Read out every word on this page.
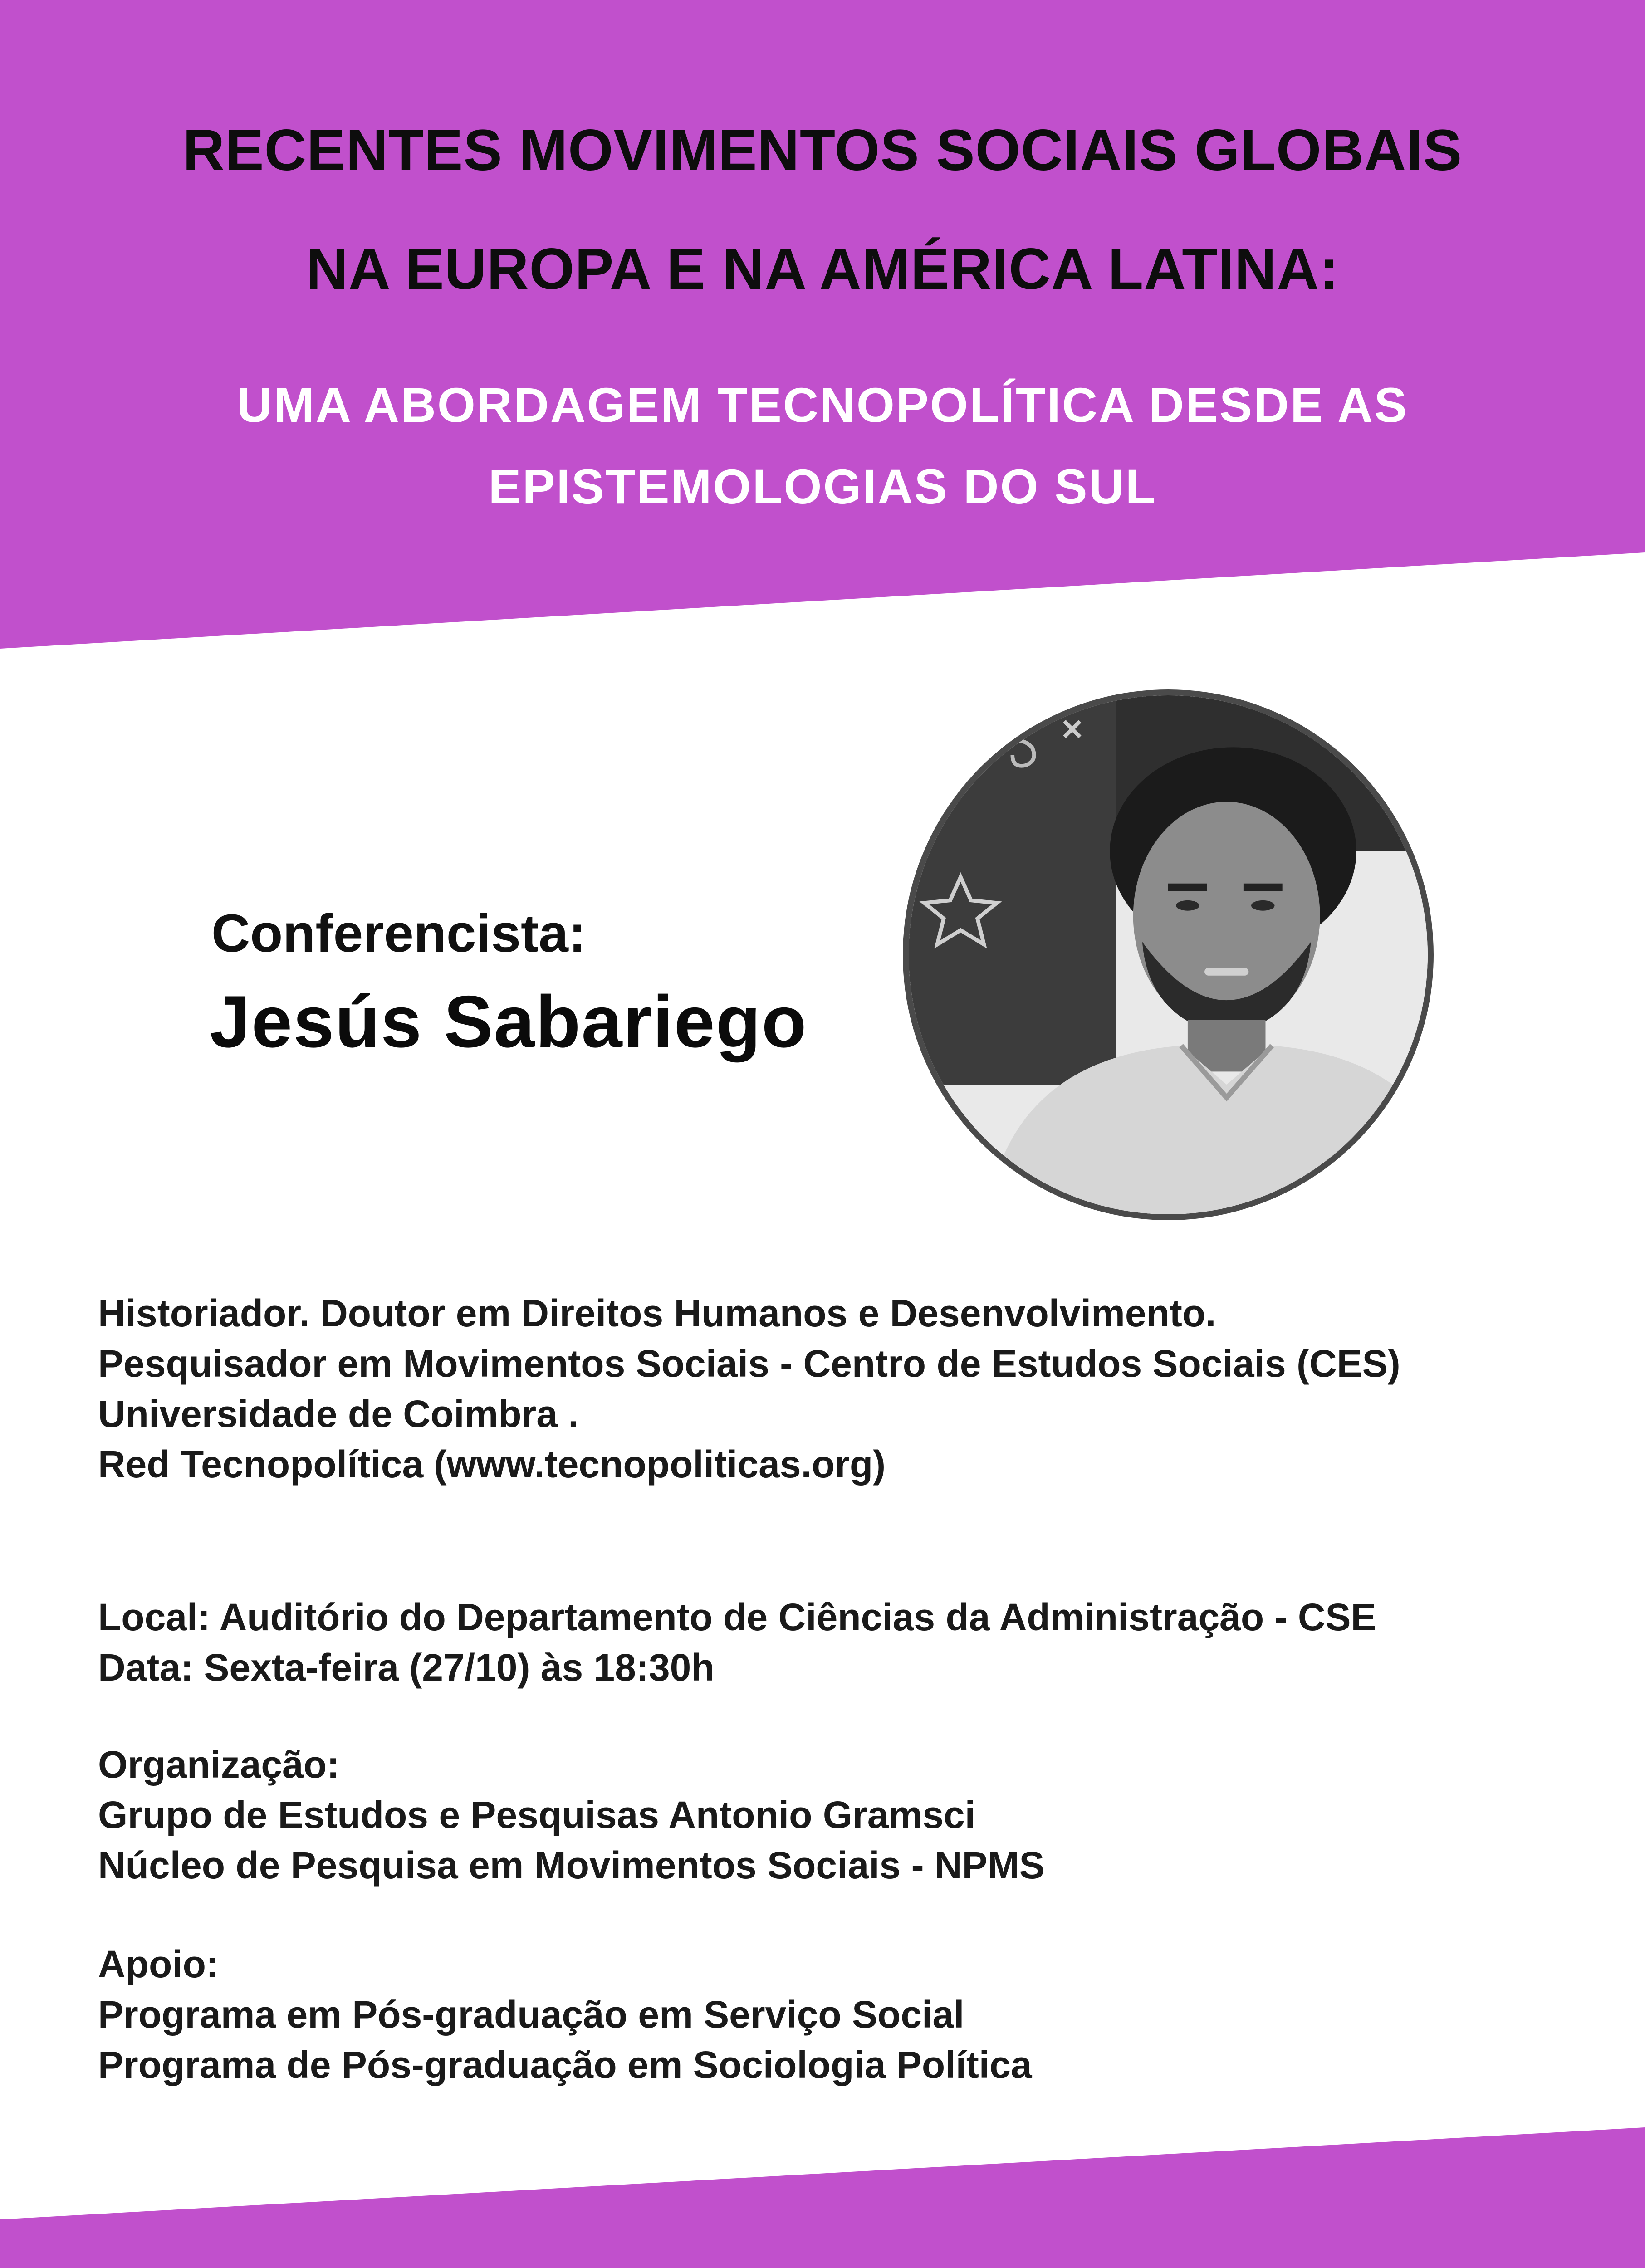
RECENTES MOVIMENTOS SOCIAIS GLOBAIS
NA EUROPA E NA AMÉRICA LATINA:
UMA ABORDAGEM TECNOPOLÍTICA DESDE AS
EPISTEMOLOGIAS DO SUL
Conferencista:
Jesús Sabariego
Historiador. Doutor em Direitos Humanos e Desenvolvimento.
Pesquisador em Movimentos Sociais - Centro de Estudos Sociais (CES)
Universidade de Coimbra .
Red Tecnopolítica (www.tecnopoliticas.org)
Local: Auditório do Departamento de Ciências da Administração - CSE
Data: Sexta-feira (27/10) às 18:30h
Organização:
Grupo de Estudos e Pesquisas Antonio Gramsci
Núcleo de Pesquisa em Movimentos Sociais - NPMS
Apoio:
Programa em Pós-graduação em Serviço Social
Programa de Pós-graduação em Sociologia Política
